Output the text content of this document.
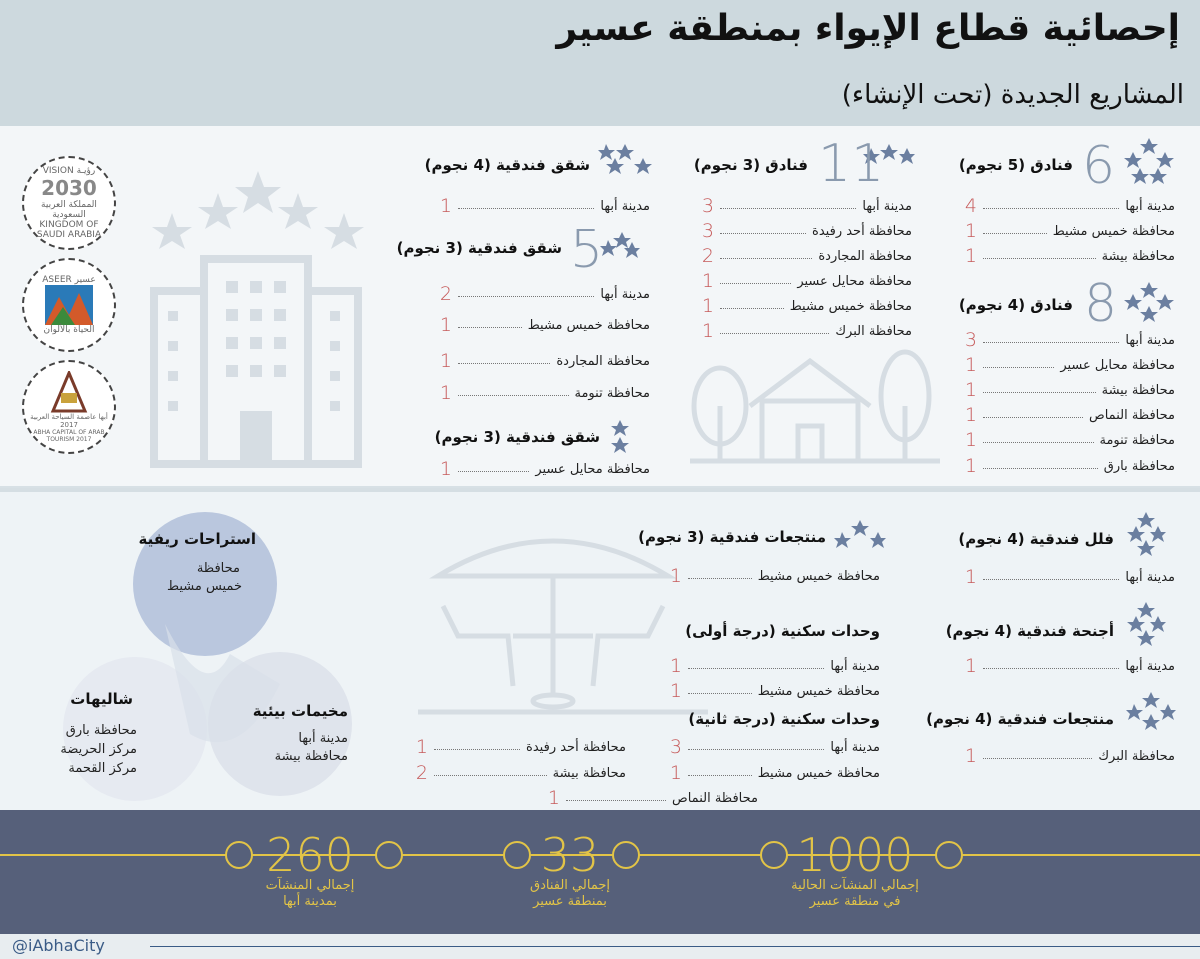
إحصائية قطاع الإيواء بمنطقة عسير
المشاريع الجديدة (تحت الإنشاء)
VISION رؤيـة
2030
المملكة العربية السعودية
KINGDOM OF SAUDI ARABIA
ASEER عسير
الحياة بالألوان
أبها عاصمة السياحة العربية 2017
ABHA CAPITAL OF ARAB TOURISM 2017
6
فنادق (5 نجوم)
مدينة أبها
4
محافظة خميس مشيط
1
محافظة بيشة
1
8
فنادق (4 نجوم)
مدينة أبها
3
محافظة محايل عسير
1
محافظة بيشة
1
محافظة النماص
1
محافظة تنومة
1
محافظة بارق
1
11
فنادق (3 نجوم)
مدينة أبها
3
محافظة أحد رفيدة
3
محافظة المجاردة
2
محافظة محايل عسير
1
محافظة خميس مشيط
1
محافظة البرك
1
شقق فندقية (4 نجوم)
مدينة أبها
1
5
شقق فندقية (3 نجوم)
مدينة أبها
2
محافظة خميس مشيط
1
محافظة المجاردة
1
محافظة تنومة
1
شقق فندقية (3 نجوم)
محافظة محايل عسير
1
فلل فندقية (4 نجوم)
مدينة أبها
1
أجنحة فندقية (4 نجوم)
مدينة أبها
1
منتجعات فندقية (4 نجوم)
محافظة البرك
1
منتجعات فندقية (3 نجوم)
محافظة خميس مشيط
1
وحدات سكنية (درجة أولى)
مدينة أبها
1
محافظة خميس مشيط
1
وحدات سكنية (درجة ثانية)
مدينة أبها
3
محافظة خميس مشيط
1
محافظة أحد رفيدة
1
محافظة بيشة
2
محافظة النماص
1
استراحات ريفية
محافظة
خميس مشيط
شاليهات
محافظة بارق
مركز الحريضة
مركز القحمة
مخيمات بيئية
مدينة أبها
محافظة بيشة
1000
إجمالي المنشآت الحالية
في منطقة عسير
33
إجمالي الفنادق
بمنطقة عسير
260
إجمالي المنشآت
بمدينة أبها
@iAbhaCity
